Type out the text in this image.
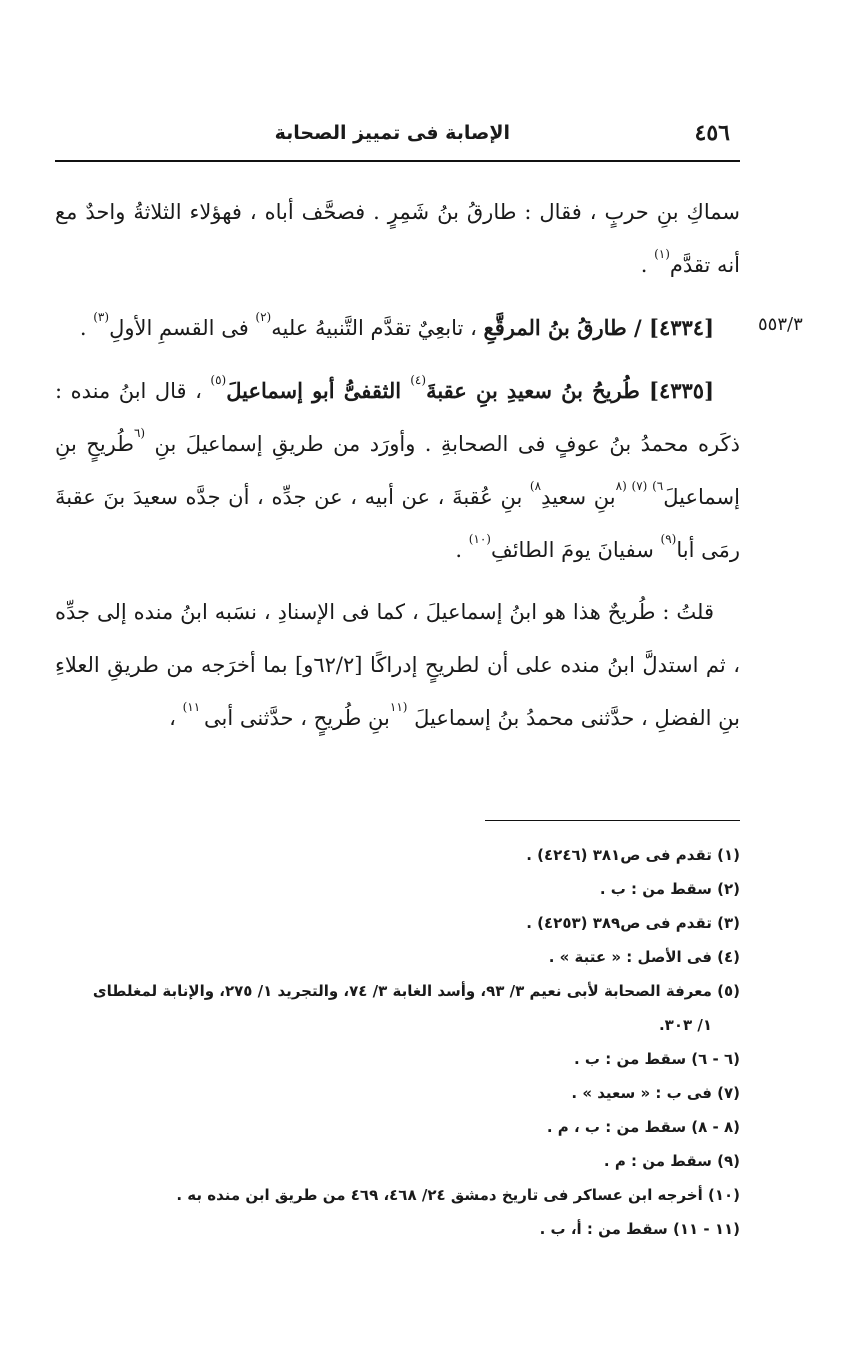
٤٥٦
الإصابة فى تمييز الصحابة
٥٥٣/٣

سماكِ بنِ حربٍ ، فقال : طارقُ بنُ شَمِرٍ . فصحَّف أباه ، فهؤلاء الثلاثةُ واحدٌ مع أنه تقدَّم$^{(١)}$ .

[٤٣٣٤] / طارقُ بنُ المرقَّعِ ، تابعِيٌ تقدَّم التَّنبيهُ عليه$^{(٢)}$ فى القسمِ الأولِ$^{(٣)}$ .

[٤٣٣٥] طُريحُ بنُ سعيدِ بنِ عقبةَ$^{(٤)}$ الثقفىُّ أبو إسماعيلَ$^{(٥)}$ ، قال ابنُ منده : ذكَره محمدُ بنُ عوفٍ فى الصحابةِ . وأورَد من طريقِ إسماعيلَ بنِ $^{(٦}$طُريحٍ بنِ إسماعيلَ$^{٦)}$ $^{(٧)}$ $^{(٨}$بنِ سعيدِ$^{٨)}$ بنِ عُقبةَ ، عن أبيه ، عن جدِّه ، أن جدَّه سعيدَ بنَ عقبةَ رمَى أبا$^{(٩)}$ سفيانَ يومَ الطائفِ$^{(١٠)}$ .

قلتُ : طُريحٌ هذا هو ابنُ إسماعيلَ ، كما فى الإسنادِ ، نسَبه ابنُ منده إلى جدِّه ، ثم استدلَّ ابنُ منده على أن لطريحٍ إدراكًا [٦٢/٢و] بما أخرَجه من طريقِ العلاءِ بنِ الفضلِ ، حدَّثنى محمدُ بنُ إسماعيلَ $^{(١١}$بنِ طُريحٍ ، حدَّثنى أبى $^{١١)}$ ،

(١) تقدم فى ص٣٨١ (٤٢٤٦) .
(٢) سقط من : ب .
(٣) تقدم فى ص٣٨٩ (٤٢٥٣) .
(٤) فى الأصل : « عتبة » .
(٥) معرفة الصحابة لأبى نعيم ٣/ ٩٣، وأسد الغابة ٣/ ٧٤، والتجريد ١/ ٢٧٥، والإنابة لمغلطاى
١/ ٣٠٣.
(٦ - ٦) سقط من : ب .
(٧) فى ب : « سعيد » .
(٨ - ٨) سقط من : ب ، م .
(٩) سقط من : م .
(١٠) أخرجه ابن عساكر فى تاريخ دمشق ٢٤/ ٤٦٨، ٤٦٩ من طريق ابن منده به .
(١١ - ١١) سقط من : أ، ب .
